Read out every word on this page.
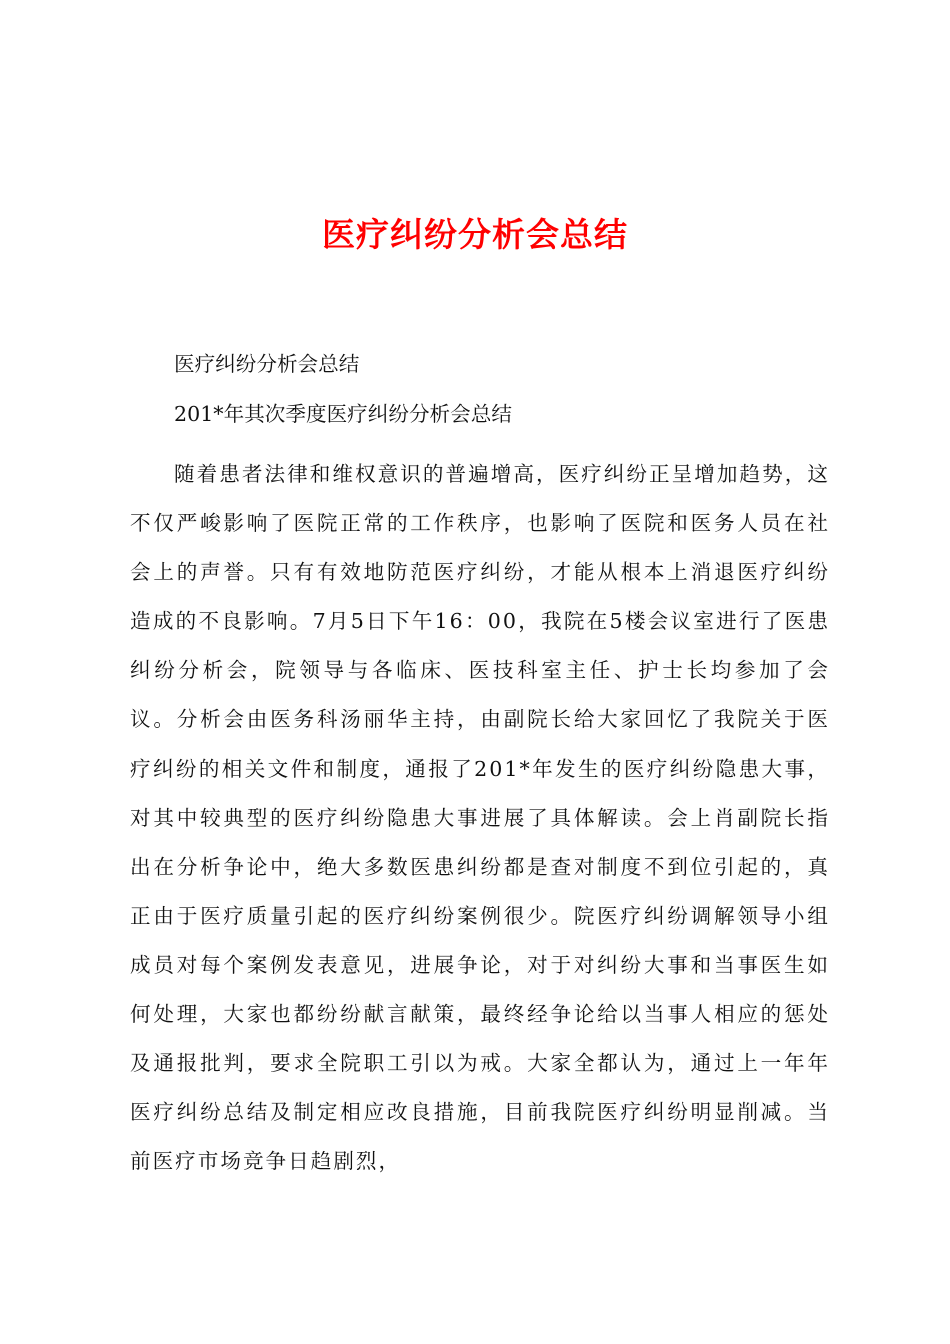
医疗纠纷分析会总结
医疗纠纷分析会总结
201*年其次季度医疗纠纷分析会总结

随着患者法律和维权意识的普遍增高，医疗纠纷正呈增加趋势，这不仅严峻影响了医院正常的工作秩序，也影响了医院和医务人员在社会上的声誉。只有有效地防范医疗纠纷，才能从根本上消退医疗纠纷造成的不良影响。7月5日下午16：00，我院在5楼会议室进行了医患纠纷分析会，院领导与各临床、医技科室主任、护士长均参加了会议。分析会由医务科汤丽华主持，由副院长给大家回忆了我院关于医疗纠纷的相关文件和制度，通报了201*年发生的医疗纠纷隐患大事，对其中较典型的医疗纠纷隐患大事进展了具体解读。会上肖副院长指出在分析争论中，绝大多数医患纠纷都是查对制度不到位引起的，真正由于医疗质量引起的医疗纠纷案例很少。院医疗纠纷调解领导小组成员对每个案例发表意见，进展争论，对于对纠纷大事和当事医生如何处理，大家也都纷纷献言献策，最终经争论给以当事人相应的惩处及通报批判，要求全院职工引以为戒。大家全都认为，通过上一年年医疗纠纷总结及制定相应改良措施，目前我院医疗纠纷明显削减。当前医疗市场竞争日趋剧烈，
